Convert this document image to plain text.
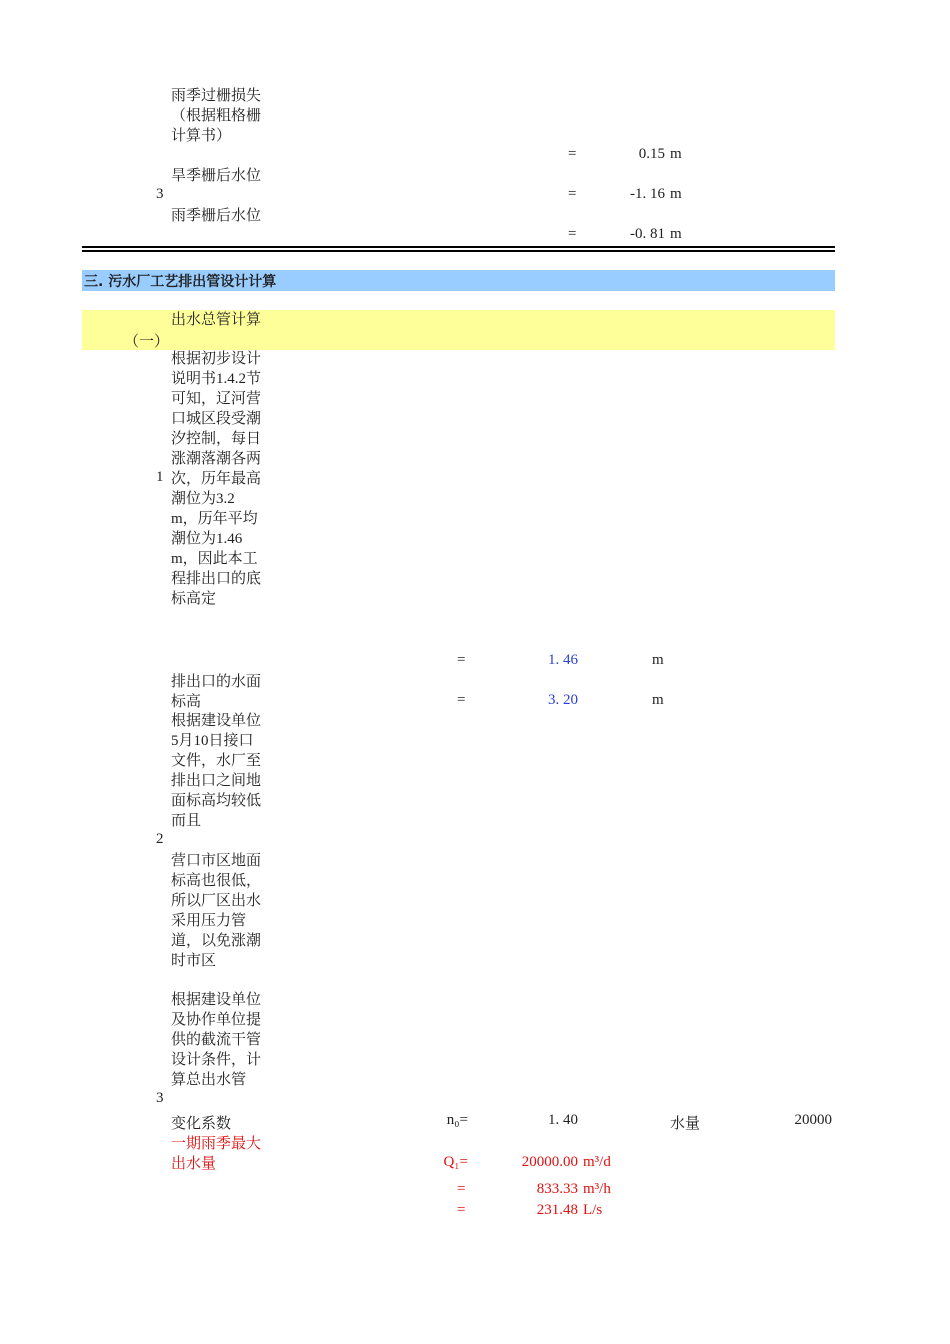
雨季过栅损失（根据粗格栅计算书）
=	0.15 m
3
旱季栅后水位
=	-1. 16 m
雨季栅后水位
=	-0. 81 m
三. 污水厂工艺排出管设计计算
（一）
出水总管计算
根据初步设计说明书1.4.2节可知，辽河营口城区段受潮汐控制，每日涨潮落潮各两次，历年最高潮位为3.2m，历年平均潮位为1.46m，因此本工程排出口的底标高定
1
=	1. 46	m
排出口的水面标高	=	3. 20	m
根据建设单位5月10日接口文件，水厂至排出口之间地面标高均较低而且
2
营口市区地面标高也很低，所以厂区出水采用压力管道，以免涨潮时市区
根据建设单位及协作单位提供的截流干管设计条件，计算总出水管
3
变化系数	n₀=	1. 40	水量	20000
一期雨季最大出水量	Q₁=	20000.00 m³/d
=	833.33 m³/h
=	231.48 L/s
